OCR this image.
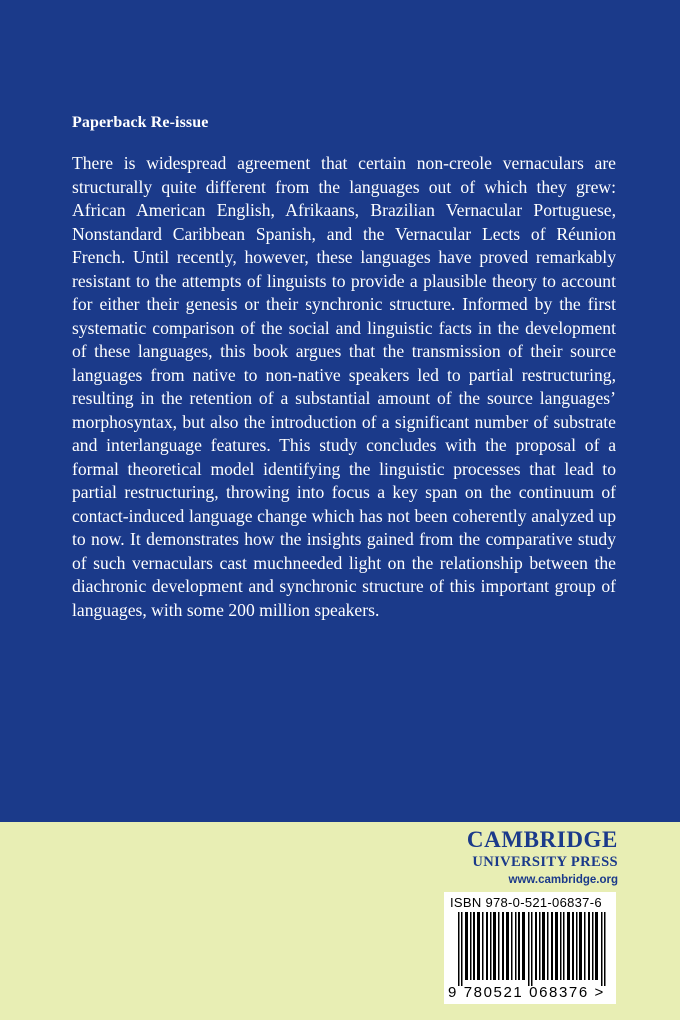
Paperback Re-issue
There is widespread agreement that certain non-creole vernaculars are structurally quite different from the languages out of which they grew: African American English, Afrikaans, Brazilian Vernacular Portuguese, Nonstandard Caribbean Spanish, and the Vernacular Lects of Réunion French. Until recently, however, these languages have proved remarkably resistant to the attempts of linguists to provide a plausible theory to account for either their genesis or their synchronic structure. Informed by the first systematic comparison of the social and linguistic facts in the development of these languages, this book argues that the transmission of their source languages from native to non-native speakers led to partial restructuring, resulting in the retention of a substantial amount of the source languages’ morphosyntax, but also the introduction of a significant number of substrate and interlanguage features. This study concludes with the proposal of a formal theoretical model identifying the linguistic processes that lead to partial restructuring, throwing into focus a key span on the continuum of contact-induced language change which has not been coherently analyzed up to now. It demonstrates how the insights gained from the comparative study of such vernaculars cast muchneeded light on the relationship between the diachronic development and synchronic structure of this important group of languages, with some 200 million speakers.
CAMBRIDGE
UNIVERSITY PRESS
www.cambridge.org
ISBN 978-0-521-06837-6
9 780521 068376 >
